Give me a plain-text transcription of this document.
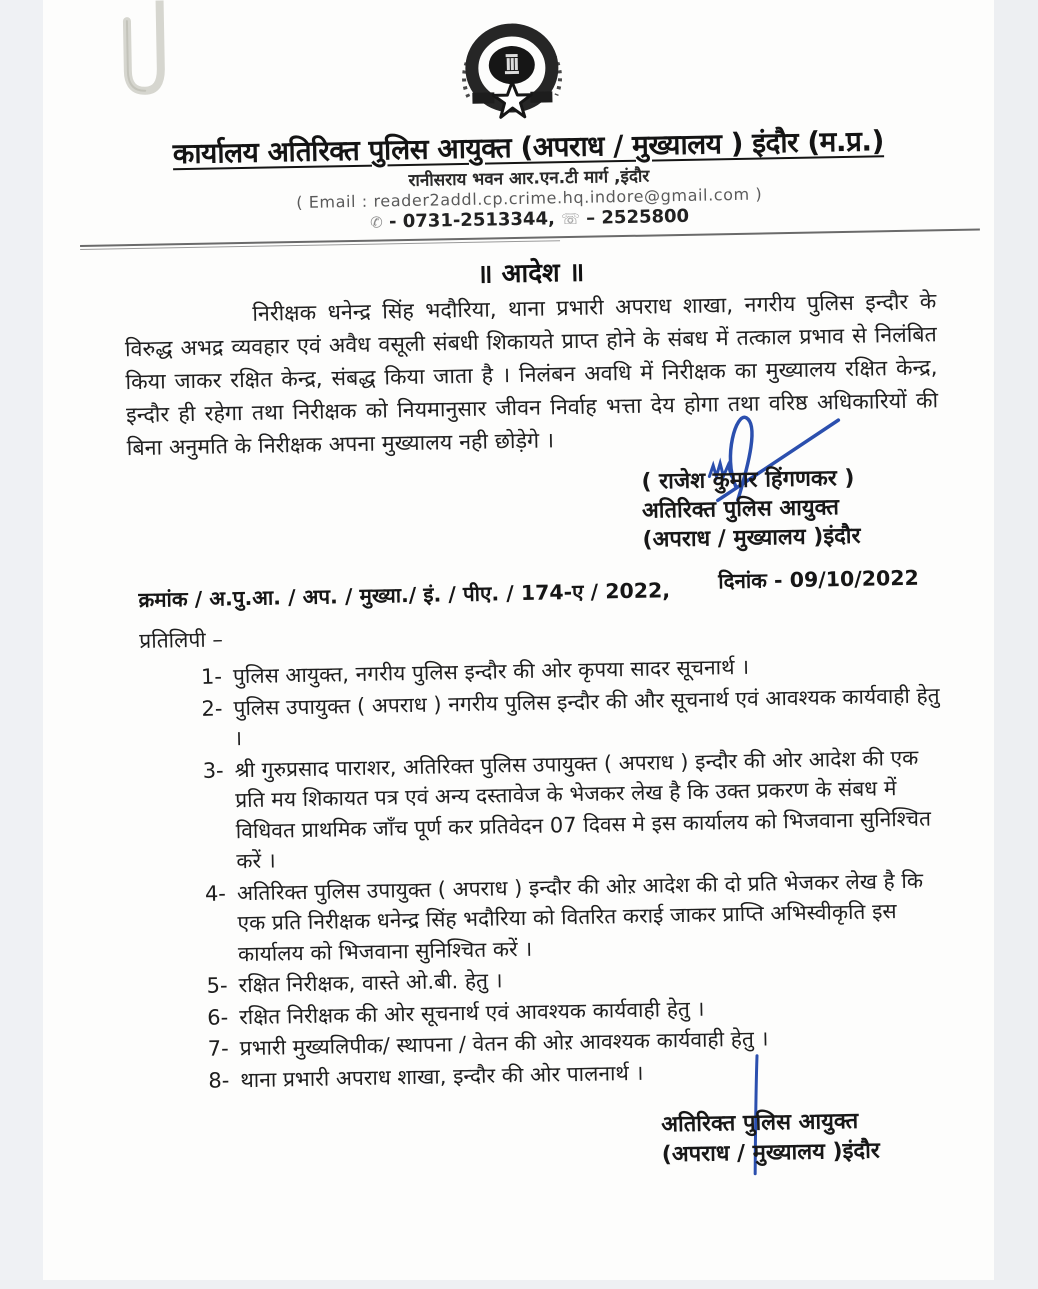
कार्यालय अतिरिक्त पुलिस आयुक्त (अपराध / मुख्यालय ) इंदौर (म.प्र.)
रानीसराय भवन आर.एन.टी मार्ग ,इंदौर
( Email : reader2addl.cp.crime.hq.indore@gmail.com )
✆ - 0731-2513344, ☏ – 2525800
॥ आदेश ॥
निरीक्षक धनेन्द्र सिंह भदौरिया, थाना प्रभारी अपराध शाखा, नगरीय पुलिस इन्दौर के विरुद्ध अभद्र व्यवहार एवं अवैध वसूली संबधी शिकायते प्राप्त होने के संबध में तत्काल प्रभाव से निलंबित किया जाकर रक्षित केन्द्र, संबद्ध किया जाता है । निलंबन अवधि में निरीक्षक का मुख्यालय रक्षित केन्द्र, इन्दौर ही रहेगा तथा निरीक्षक को नियमानुसार जीवन निर्वाह भत्ता देय होगा तथा वरिष्ठ अधिकारियों की बिना अनुमति के निरीक्षक अपना मुख्यालय नही छोड़ेगे ।
( राजेश कुमार हिंगणकर )
अतिरिक्त पुलिस आयुक्त
(अपराध / मुख्यालय )इंदौर
क्रमांक / अ.पु.आ. / अप. / मुख्या./ इं. / पीए. / 174-ए / 2022, दिनांक - 09/10/2022
प्रतिलिपी –
1- पुलिस आयुक्त, नगरीय पुलिस इन्दौर की ओर कृपया सादर सूचनार्थ ।
2- पुलिस उपायुक्त ( अपराध ) नगरीय पुलिस इन्दौर की और सूचनार्थ एवं आवश्यक कार्यवाही हेतु ।
3- श्री गुरुप्रसाद पाराशर, अतिरिक्त पुलिस उपायुक्त ( अपराध ) इन्दौर की ओर आदेश की एक प्रति मय शिकायत पत्र एवं अन्य दस्तावेज के भेजकर लेख है कि उक्त प्रकरण के संबध में विधिवत प्राथमिक जाँच पूर्ण कर प्रतिवेदन 07 दिवस मे इस कार्यालय को भिजवाना सुनिश्चित करें ।
4- अतिरिक्त पुलिस उपायुक्त ( अपराध ) इन्दौर की ओऱ आदेश की दो प्रति भेजकर लेख है कि एक प्रति निरीक्षक धनेन्द्र सिंह भदौरिया को वितरित कराई जाकर प्राप्ति अभिस्वीकृति इस कार्यालय को भिजवाना सुनिश्चित करें ।
5- रक्षित निरीक्षक, वास्ते ओ.बी. हेतु ।
6- रक्षित निरीक्षक की ओर सूचनार्थ एवं आवश्यक कार्यवाही हेतु ।
7- प्रभारी मुख्यलिपीक/ स्थापना / वेतन की ओऱ आवश्यक कार्यवाही हेतु ।
8- थाना प्रभारी अपराध शाखा, इन्दौर की ओर पालनार्थ ।
अतिरिक्त पुलिस आयुक्त
(अपराध / मुख्यालय )इंदौर
